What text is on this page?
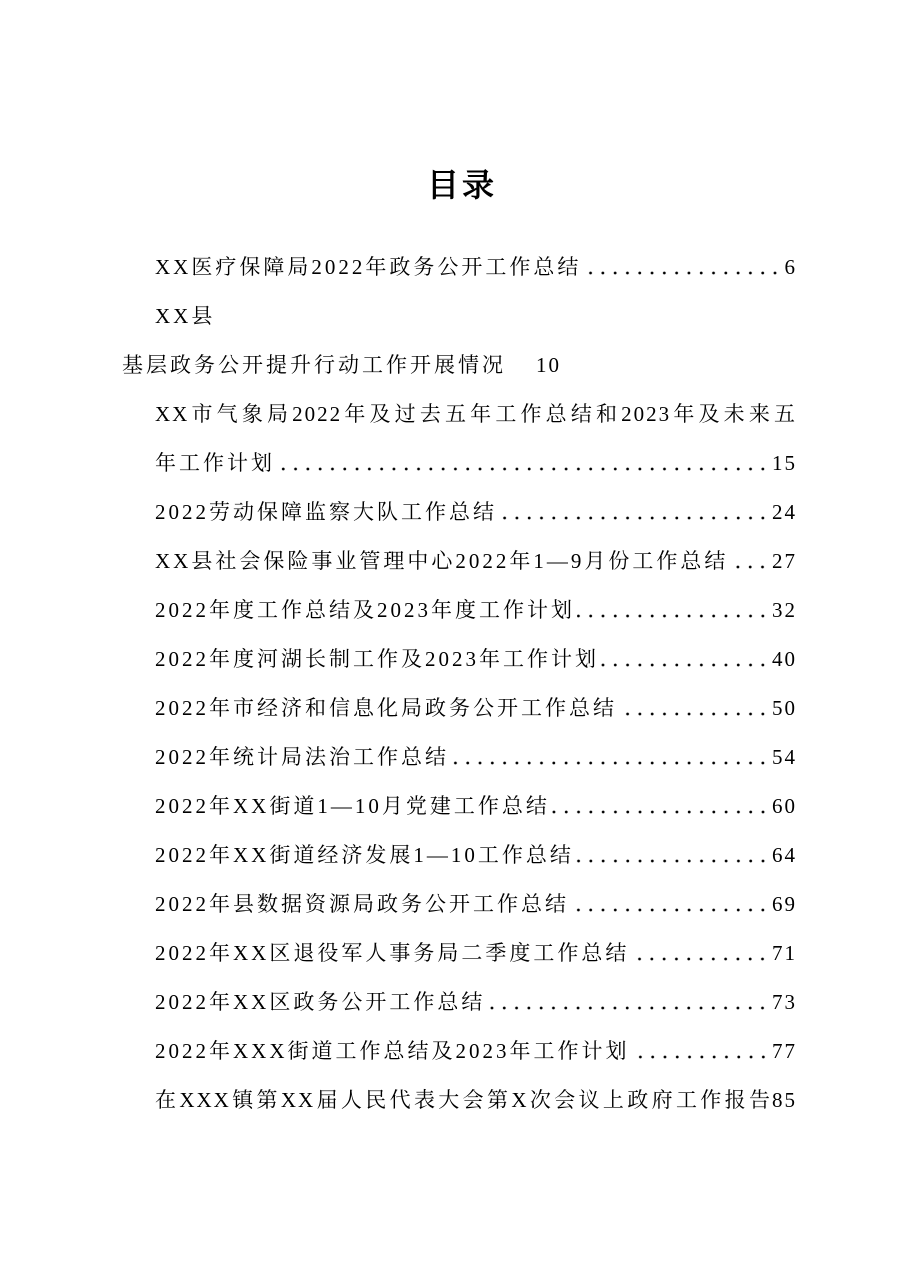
目录
XX医疗保障局2022年政务公开工作总结	6
XX县
基层政务公开提升行动工作开展情况 10
XX市气象局2022年及过去五年工作总结和2023年及未来五
年工作计划	15
2022劳动保障监察大队工作总结	24
XX县社会保险事业管理中心2022年1—9月份工作总结 27
2022年度工作总结及2023年度工作计划	32
2022年度河湖长制工作及2023年工作计划	40
2022年市经济和信息化局政务公开工作总结	50
2022年统计局法治工作总结	54
2022年XX街道1—10月党建工作总结	60
2022年XX街道经济发展1—10工作总结	64
2022年县数据资源局政务公开工作总结	69
2022年XX区退役军人事务局二季度工作总结	71
2022年XX区政务公开工作总结	73
2022年XXX街道工作总结及2023年工作计划	77
在XXX镇第XX届人民代表大会第X次会议上政府工作报告 85
